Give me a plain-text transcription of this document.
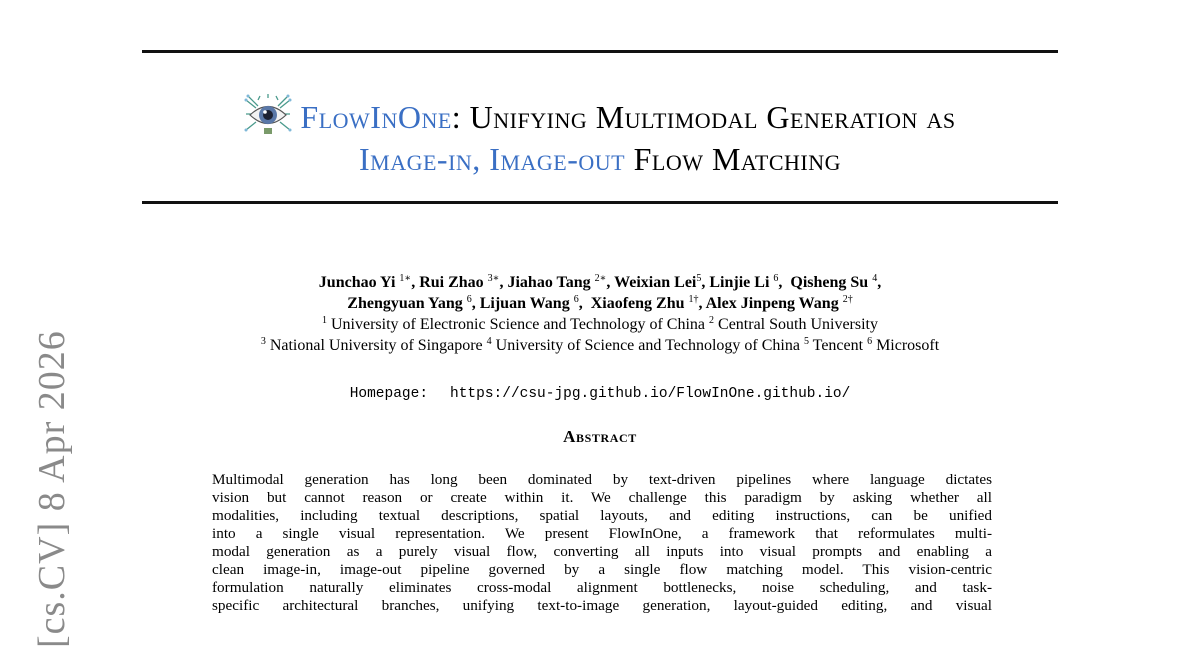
[cs.CV] 8 Apr 2026
FlowInOne: Unifying Multimodal Generation as
Image-in, Image-out Flow Matching
Junchao Yi $^{1∗}$, Rui Zhao $^{3∗}$, Jiahao Tang $^{2∗}$, Weixian Lei$^5$, Linjie Li $^6$,  Qisheng Su $^4$,
Zhengyuan Yang $^6$, Lijuan Wang $^6$,  Xiaofeng Zhu $^{1\dagger}$, Alex Jinpeng Wang $^{2\dagger}$
$^1$ University of Electronic Science and Technology of China $^2$ Central South University
$^3$ National University of Singapore $^4$ University of Science and Technology of China $^5$ Tencent $^6$ Microsoft
Homepage: https://csu-jpg.github.io/FlowInOne.github.io/
Abstract
Multimodal generation has long been dominated by text-driven pipelines where language dictates
vision but cannot reason or create within it. We challenge this paradigm by asking whether all
modalities, including textual descriptions, spatial layouts, and editing instructions, can be unified
into a single visual representation. We present FlowInOne, a framework that reformulates multi-
modal generation as a purely visual flow, converting all inputs into visual prompts and enabling a
clean image-in, image-out pipeline governed by a single flow matching model. This vision-centric
formulation naturally eliminates cross-modal alignment bottlenecks, noise scheduling, and task-
specific architectural branches, unifying text-to-image generation, layout-guided editing, and visual
